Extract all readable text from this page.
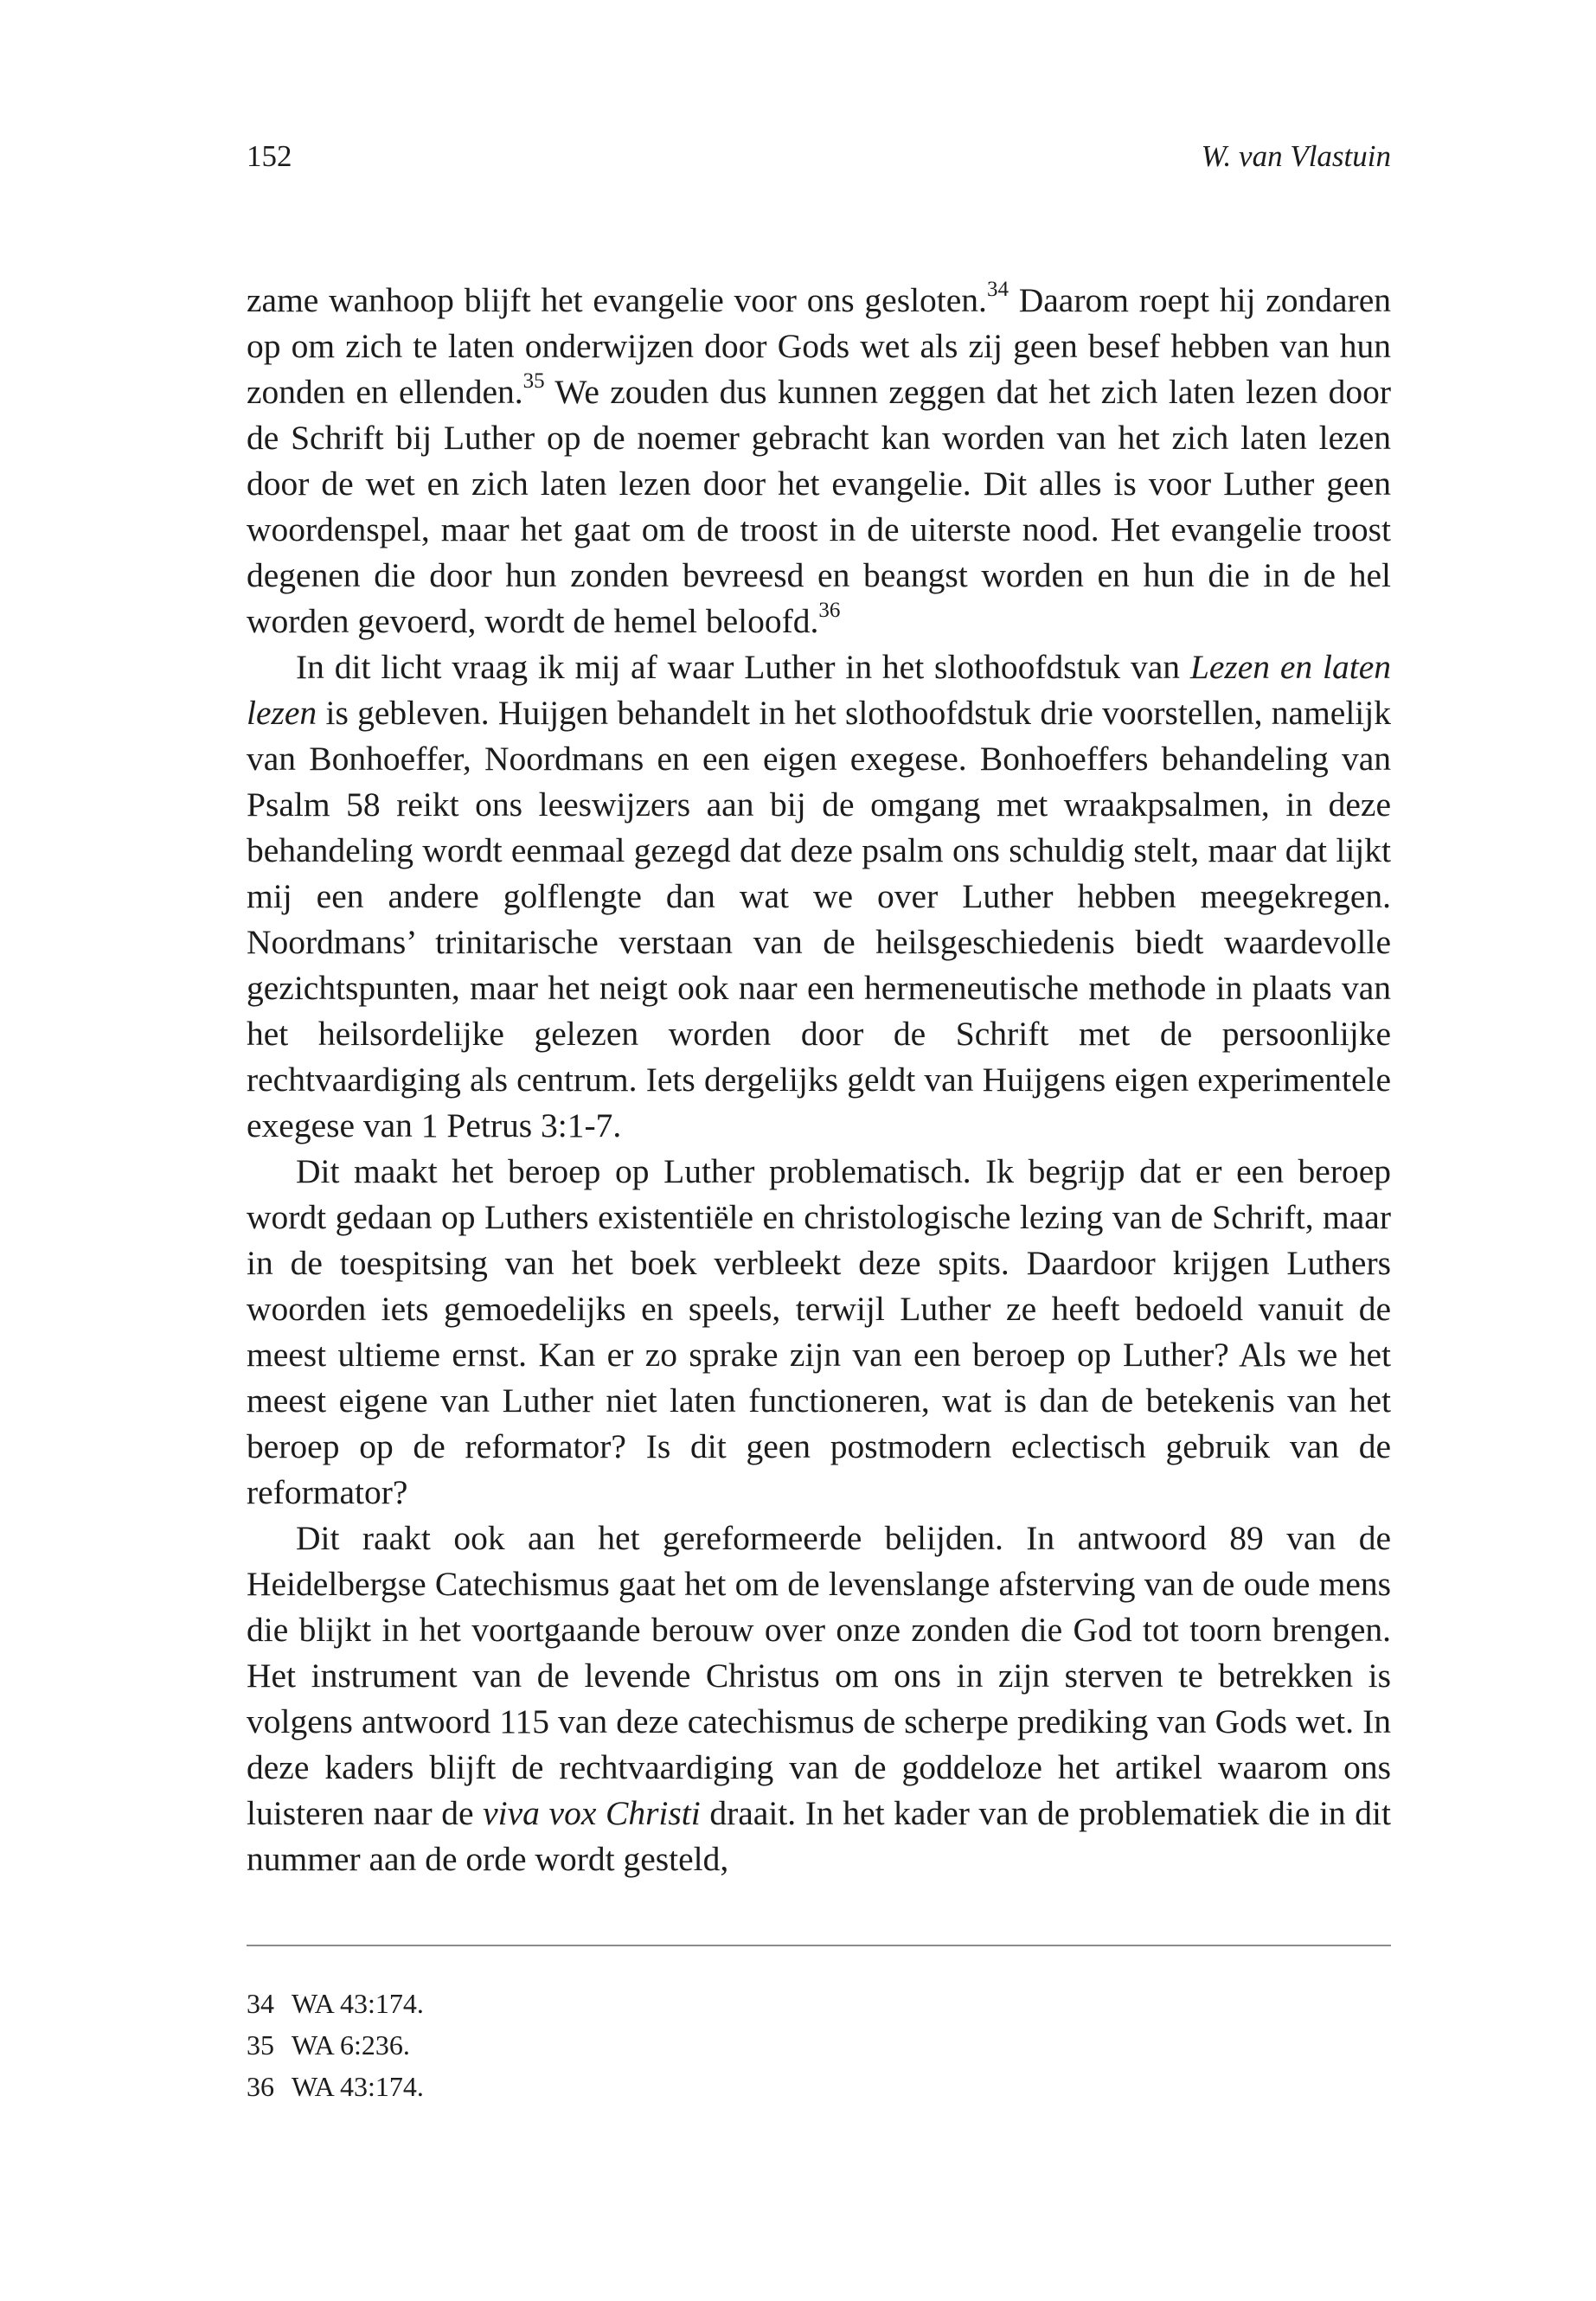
152	W. van Vlastuin

zame wanhoop blijft het evangelie voor ons gesloten.$^{34}$ Daarom roept hij zondaren op om zich te laten onderwijzen door Gods wet als zij geen besef hebben van hun zonden en ellenden.$^{35}$ We zouden dus kunnen zeggen dat het zich laten lezen door de Schrift bij Luther op de noemer gebracht kan worden van het zich laten lezen door de wet en zich laten lezen door het evangelie. Dit alles is voor Luther geen woordenspel, maar het gaat om de troost in de uiterste nood. Het evangelie troost degenen die door hun zonden bevreesd en beangst worden en hun die in de hel worden gevoerd, wordt de hemel beloofd.$^{36}$

In dit licht vraag ik mij af waar Luther in het slothoofdstuk van Lezen en laten lezen is gebleven. Huijgen behandelt in het slothoofdstuk drie voorstellen, namelijk van Bonhoeffer, Noordmans en een eigen exegese. Bonhoeffers behandeling van Psalm 58 reikt ons leeswijzers aan bij de omgang met wraakpsalmen, in deze behandeling wordt eenmaal gezegd dat deze psalm ons schuldig stelt, maar dat lijkt mij een andere golflengte dan wat we over Luther hebben meegekregen. Noordmans’ trinitarische verstaan van de heilsgeschiedenis biedt waardevolle gezichtspunten, maar het neigt ook naar een hermeneutische methode in plaats van het heilsordelijke gelezen worden door de Schrift met de persoonlijke rechtvaardiging als centrum. Iets dergelijks geldt van Huijgens eigen experimentele exegese van 1 Petrus 3:1-7.

Dit maakt het beroep op Luther problematisch. Ik begrijp dat er een beroep wordt gedaan op Luthers existentiële en christologische lezing van de Schrift, maar in de toespitsing van het boek verbleekt deze spits. Daardoor krijgen Luthers woorden iets gemoedelijks en speels, terwijl Luther ze heeft bedoeld vanuit de meest ultieme ernst. Kan er zo sprake zijn van een beroep op Luther? Als we het meest eigene van Luther niet laten functioneren, wat is dan de betekenis van het beroep op de reformator? Is dit geen postmodern eclectisch gebruik van de reformator?

Dit raakt ook aan het gereformeerde belijden. In antwoord 89 van de Heidelbergse Catechismus gaat het om de levenslange afsterving van de oude mens die blijkt in het voortgaande berouw over onze zonden die God tot toorn brengen. Het instrument van de levende Christus om ons in zijn sterven te betrekken is volgens antwoord 115 van deze catechismus de scherpe prediking van Gods wet. In deze kaders blijft de rechtvaardiging van de goddeloze het artikel waarom ons luisteren naar de viva vox Christi draait. In het kader van de problematiek die in dit nummer aan de orde wordt gesteld,

34 WA 43:174.
35 WA 6:236.
36 WA 43:174.
